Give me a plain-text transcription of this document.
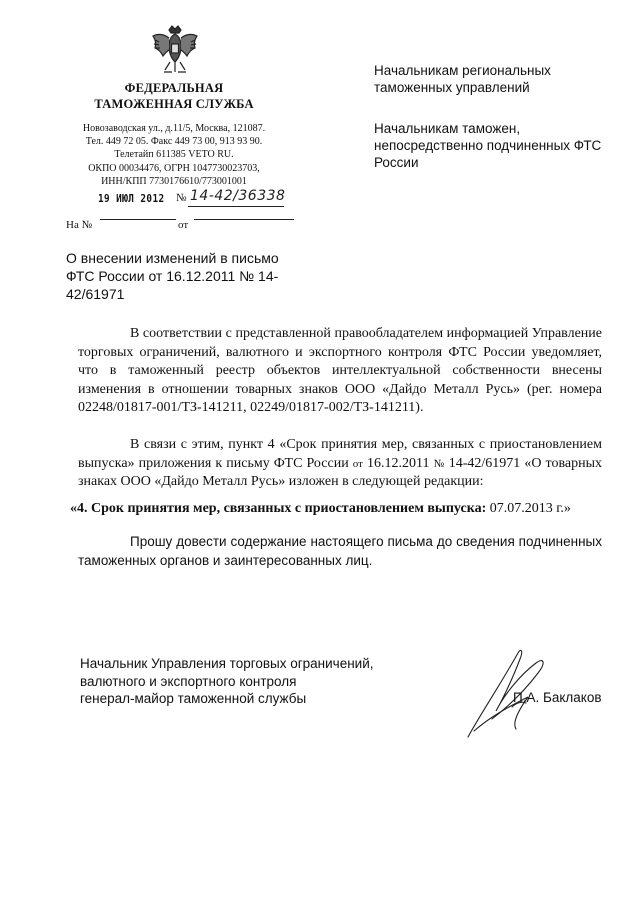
ФЕДЕРАЛЬНАЯ
ТАМОЖЕННАЯ СЛУЖБА
Новозаводская ул., д.11/5, Москва, 121087.
Тел. 449 72 05. Факс 449 73 00, 913 93 90.
Телетайп 611385 VETO RU.
ОКПО 00034476, ОГРН 1047730023703,
ИНН/КПП 7730176610/773001001
19 ИЮЛ 2012 № 14-42/36338
На №	от
О внесении изменений в письмо ФТС России от 16.12.2011 № 14-42/61971
Начальникам региональных таможенных управлений
Начальникам таможен, непосредственно подчиненных ФТС России
В соответствии с представленной правообладателем информацией Управление торговых ограничений, валютного и экспортного контроля ФТС России уведомляет, что в таможенный реестр объектов интеллектуальной собственности внесены изменения в отношении товарных знаков ООО «Дайдо Металл Русь» (рег. номера 02248/01817-001/ТЗ-141211, 02249/01817-002/ТЗ-141211).
В связи с этим, пункт 4 «Срок принятия мер, связанных с приостановлением выпуска» приложения к письму ФТС России от 16.12.2011 № 14-42/61971 «О товарных знаках ООО «Дайдо Металл Русь» изложен в следующей редакции:
«4. Срок принятия мер, связанных с приостановлением выпуска: 07.07.2013 г.»
Прошу довести содержание настоящего письма до сведения подчиненных таможенных органов и заинтересованных лиц.
Начальник Управления торговых ограничений,
валютного и экспортного контроля
генерал-майор таможенной службы	П.А. Баклаков
